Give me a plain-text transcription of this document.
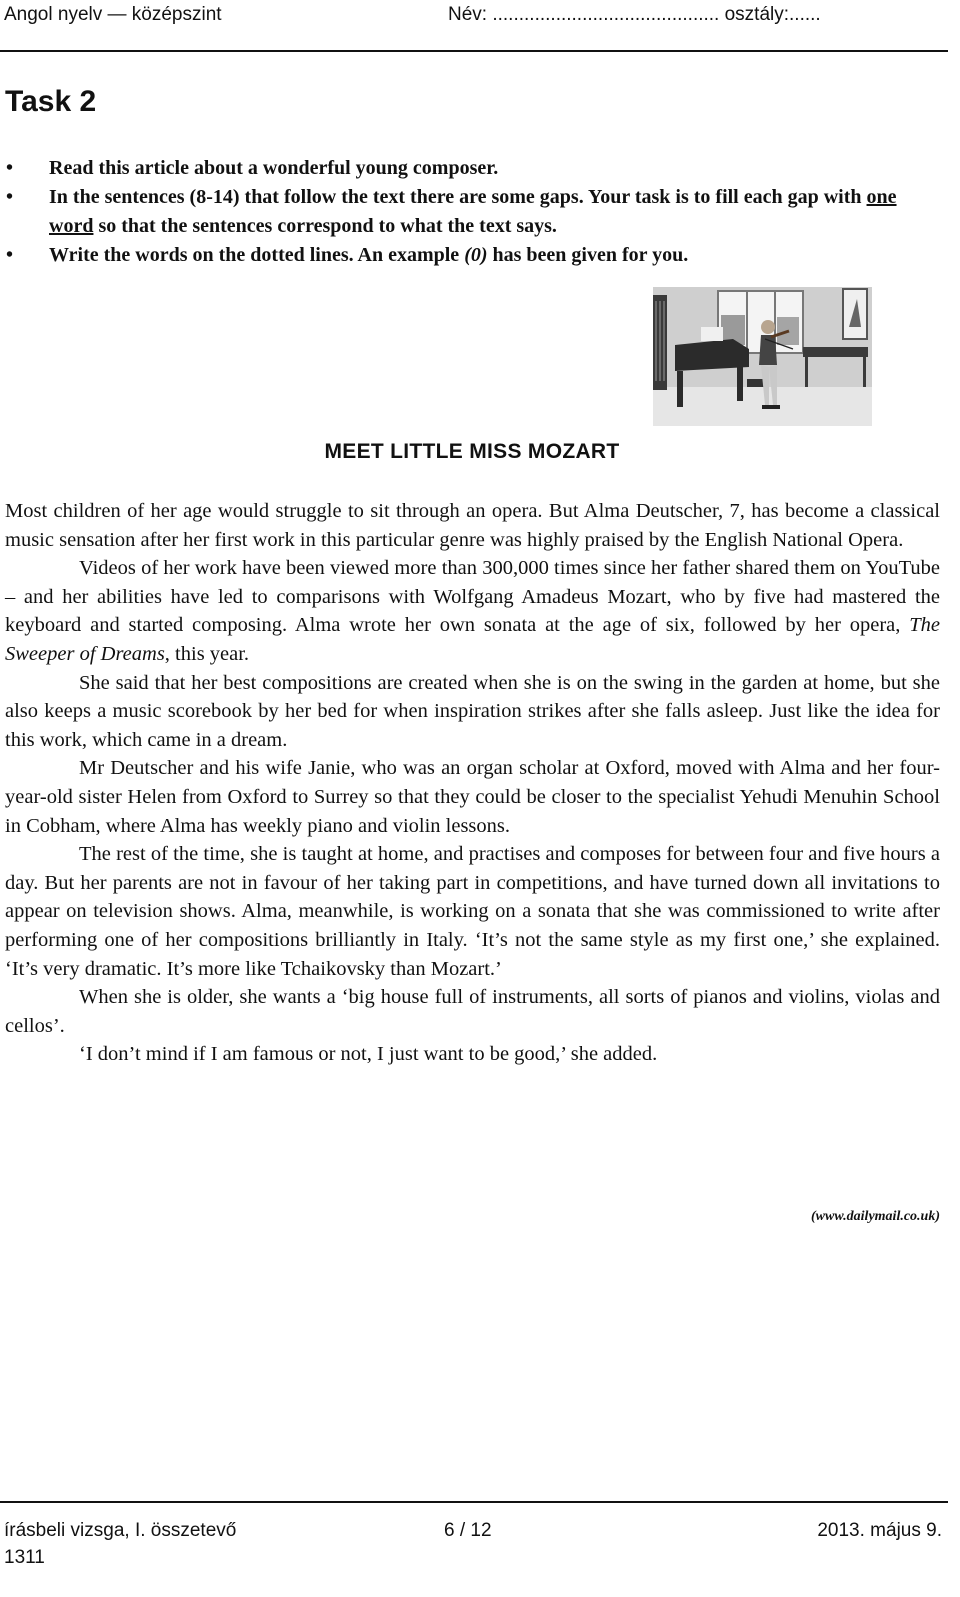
Angol nyelv — középszint	Név: ........................................... osztály:......
Task 2
• Read this article about a wonderful young composer.
• In the sentences (8-14) that follow the text there are some gaps. Your task is to fill each gap with one word so that the sentences correspond to what the text says.
• Write the words on the dotted lines. An example (0) has been given for you.
MEET LITTLE MISS MOZART

Most children of her age would struggle to sit through an opera. But Alma Deutscher, 7, has become a classical music sensation after her first work in this particular genre was highly praised by the English National Opera.

Videos of her work have been viewed more than 300,000 times since her father shared them on YouTube – and her abilities have led to comparisons with Wolfgang Amadeus Mozart, who by five had mastered the keyboard and started composing. Alma wrote her own sonata at the age of six, followed by her opera, The Sweeper of Dreams, this year.

She said that her best compositions are created when she is on the swing in the garden at home, but she also keeps a music scorebook by her bed for when inspiration strikes after she falls asleep. Just like the idea for this work, which came in a dream.

Mr Deutscher and his wife Janie, who was an organ scholar at Oxford, moved with Alma and her four-year-old sister Helen from Oxford to Surrey so that they could be closer to the specialist Yehudi Menuhin School in Cobham, where Alma has weekly piano and violin lessons.

The rest of the time, she is taught at home, and practises and composes for between four and five hours a day. But her parents are not in favour of her taking part in competitions, and have turned down all invitations to appear on television shows. Alma, meanwhile, is working on a sonata that she was commissioned to write after performing one of her compositions brilliantly in Italy. ‘It’s not the same style as my first one,’ she explained. ‘It’s very dramatic. It’s more like Tchaikovsky than Mozart.’

When she is older, she wants a ‘big house full of instruments, all sorts of pianos and violins, violas and cellos’.

‘I don’t mind if I am famous or not, I just want to be good,’ she added.

(www.dailymail.co.uk)
írásbeli vizsga, I. összetevő	6 / 12	2013. május 9.
1311
